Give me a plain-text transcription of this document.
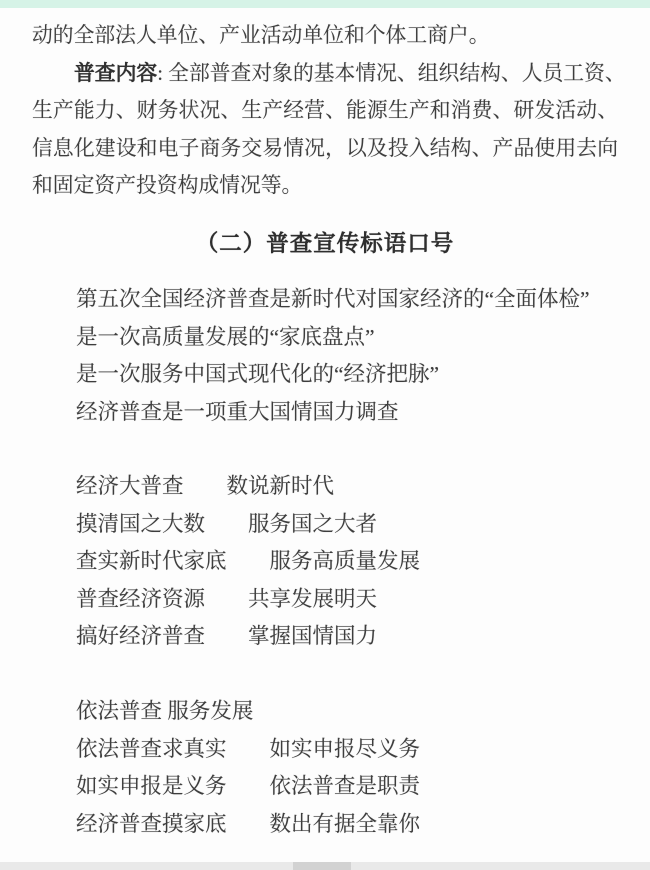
动的全部法人单位、产业活动单位和个体工商户。
普查内容: 全部普查对象的基本情况、组织结构、人员工资、
生产能力、财务状况、生产经营、能源生产和消费、研发活动、
信息化建设和电子商务交易情况，以及投入结构、产品使用去向
和固定资产投资构成情况等。
（二）普查宣传标语口号
第五次全国经济普查是新时代对国家经济的“全面体检”
是一次高质量发展的“家底盘点”
是一次服务中国式现代化的“经济把脉”
经济普查是一项重大国情国力调查
经济大普查　　数说新时代
摸清国之大数　　服务国之大者
查实新时代家底　　服务高质量发展
普查经济资源　　共享发展明天
搞好经济普查　　掌握国情国力
依法普查 服务发展
依法普查求真实　　如实申报尽义务
如实申报是义务　　依法普查是职责
经济普查摸家底　　数出有据全靠你
